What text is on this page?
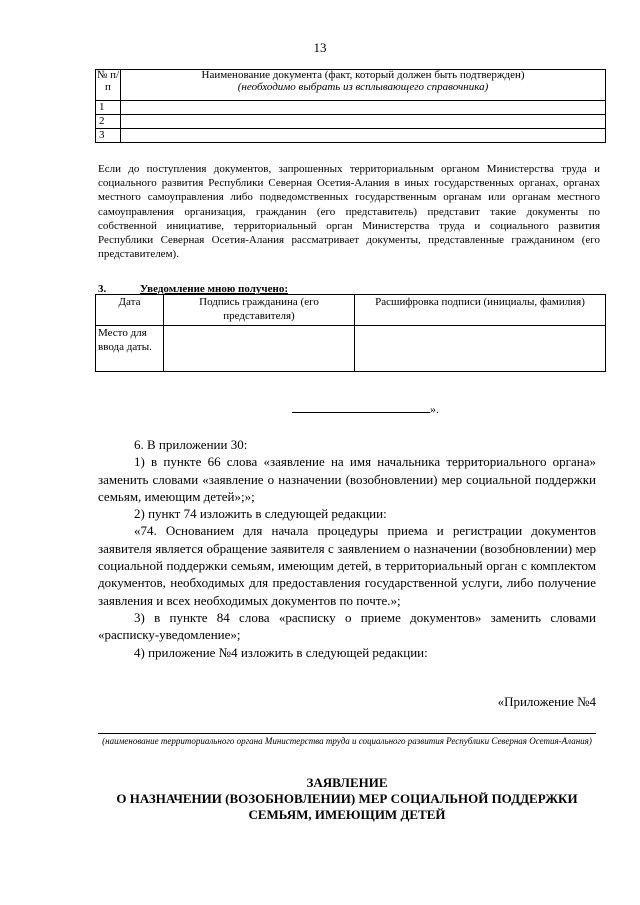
13
№ п/п	Наименование документа (факт, который должен быть подтвержден)
(необходимо выбрать из всплывающего справочника)
1	
2	
3	
Если до поступления документов, запрошенных территориальным органом Министерства труда и социального развития Республики Северная Осетия-Алания в иных государственных органах, органах местного самоуправления либо подведомственных государственным органам или органам местного самоуправления организация, гражданин (его представитель) представит такие документы по собственной инициативе, территориальный орган Министерства труда и социального развития Республики Северная Осетия-Алания рассматривает документы, представленные гражданином (его представителем).
3.	Уведомление мною получено:
Дата	Подпись гражданина (его представителя)	Расшифровка подписи (инициалы, фамилия)
Место для ввода даты.		
».

6. В приложении 30:

1) в пункте 66 слова «заявление на имя начальника территориального органа» заменить словами «заявление о назначении (возобновлении) мер социальной поддержки семьям, имеющим детей»;»;

2) пункт 74 изложить в следующей редакции:

«74. Основанием для начала процедуры приема и регистрации документов заявителя является обращение заявителя с заявлением о назначении (возобновлении) мер социальной поддержки семьям, имеющим детей, в территориальный орган с комплектом документов, необходимых для предоставления государственной услуги, либо получение заявления и всех необходимых документов по почте.»;

3) в пункте 84 слова «расписку о приеме документов» заменить словами «расписку-уведомление»;

4) приложение №4 изложить в следующей редакции:

«Приложение №4
(наименование территориального органа Министерства труда и социального развития Республики Северная Осетия-Алания)
ЗАЯВЛЕНИЕ
О НАЗНАЧЕНИИ (ВОЗОБНОВЛЕНИИ) МЕР СОЦИАЛЬНОЙ ПОДДЕРЖКИ
СЕМЬЯМ, ИМЕЮЩИМ ДЕТЕЙ
